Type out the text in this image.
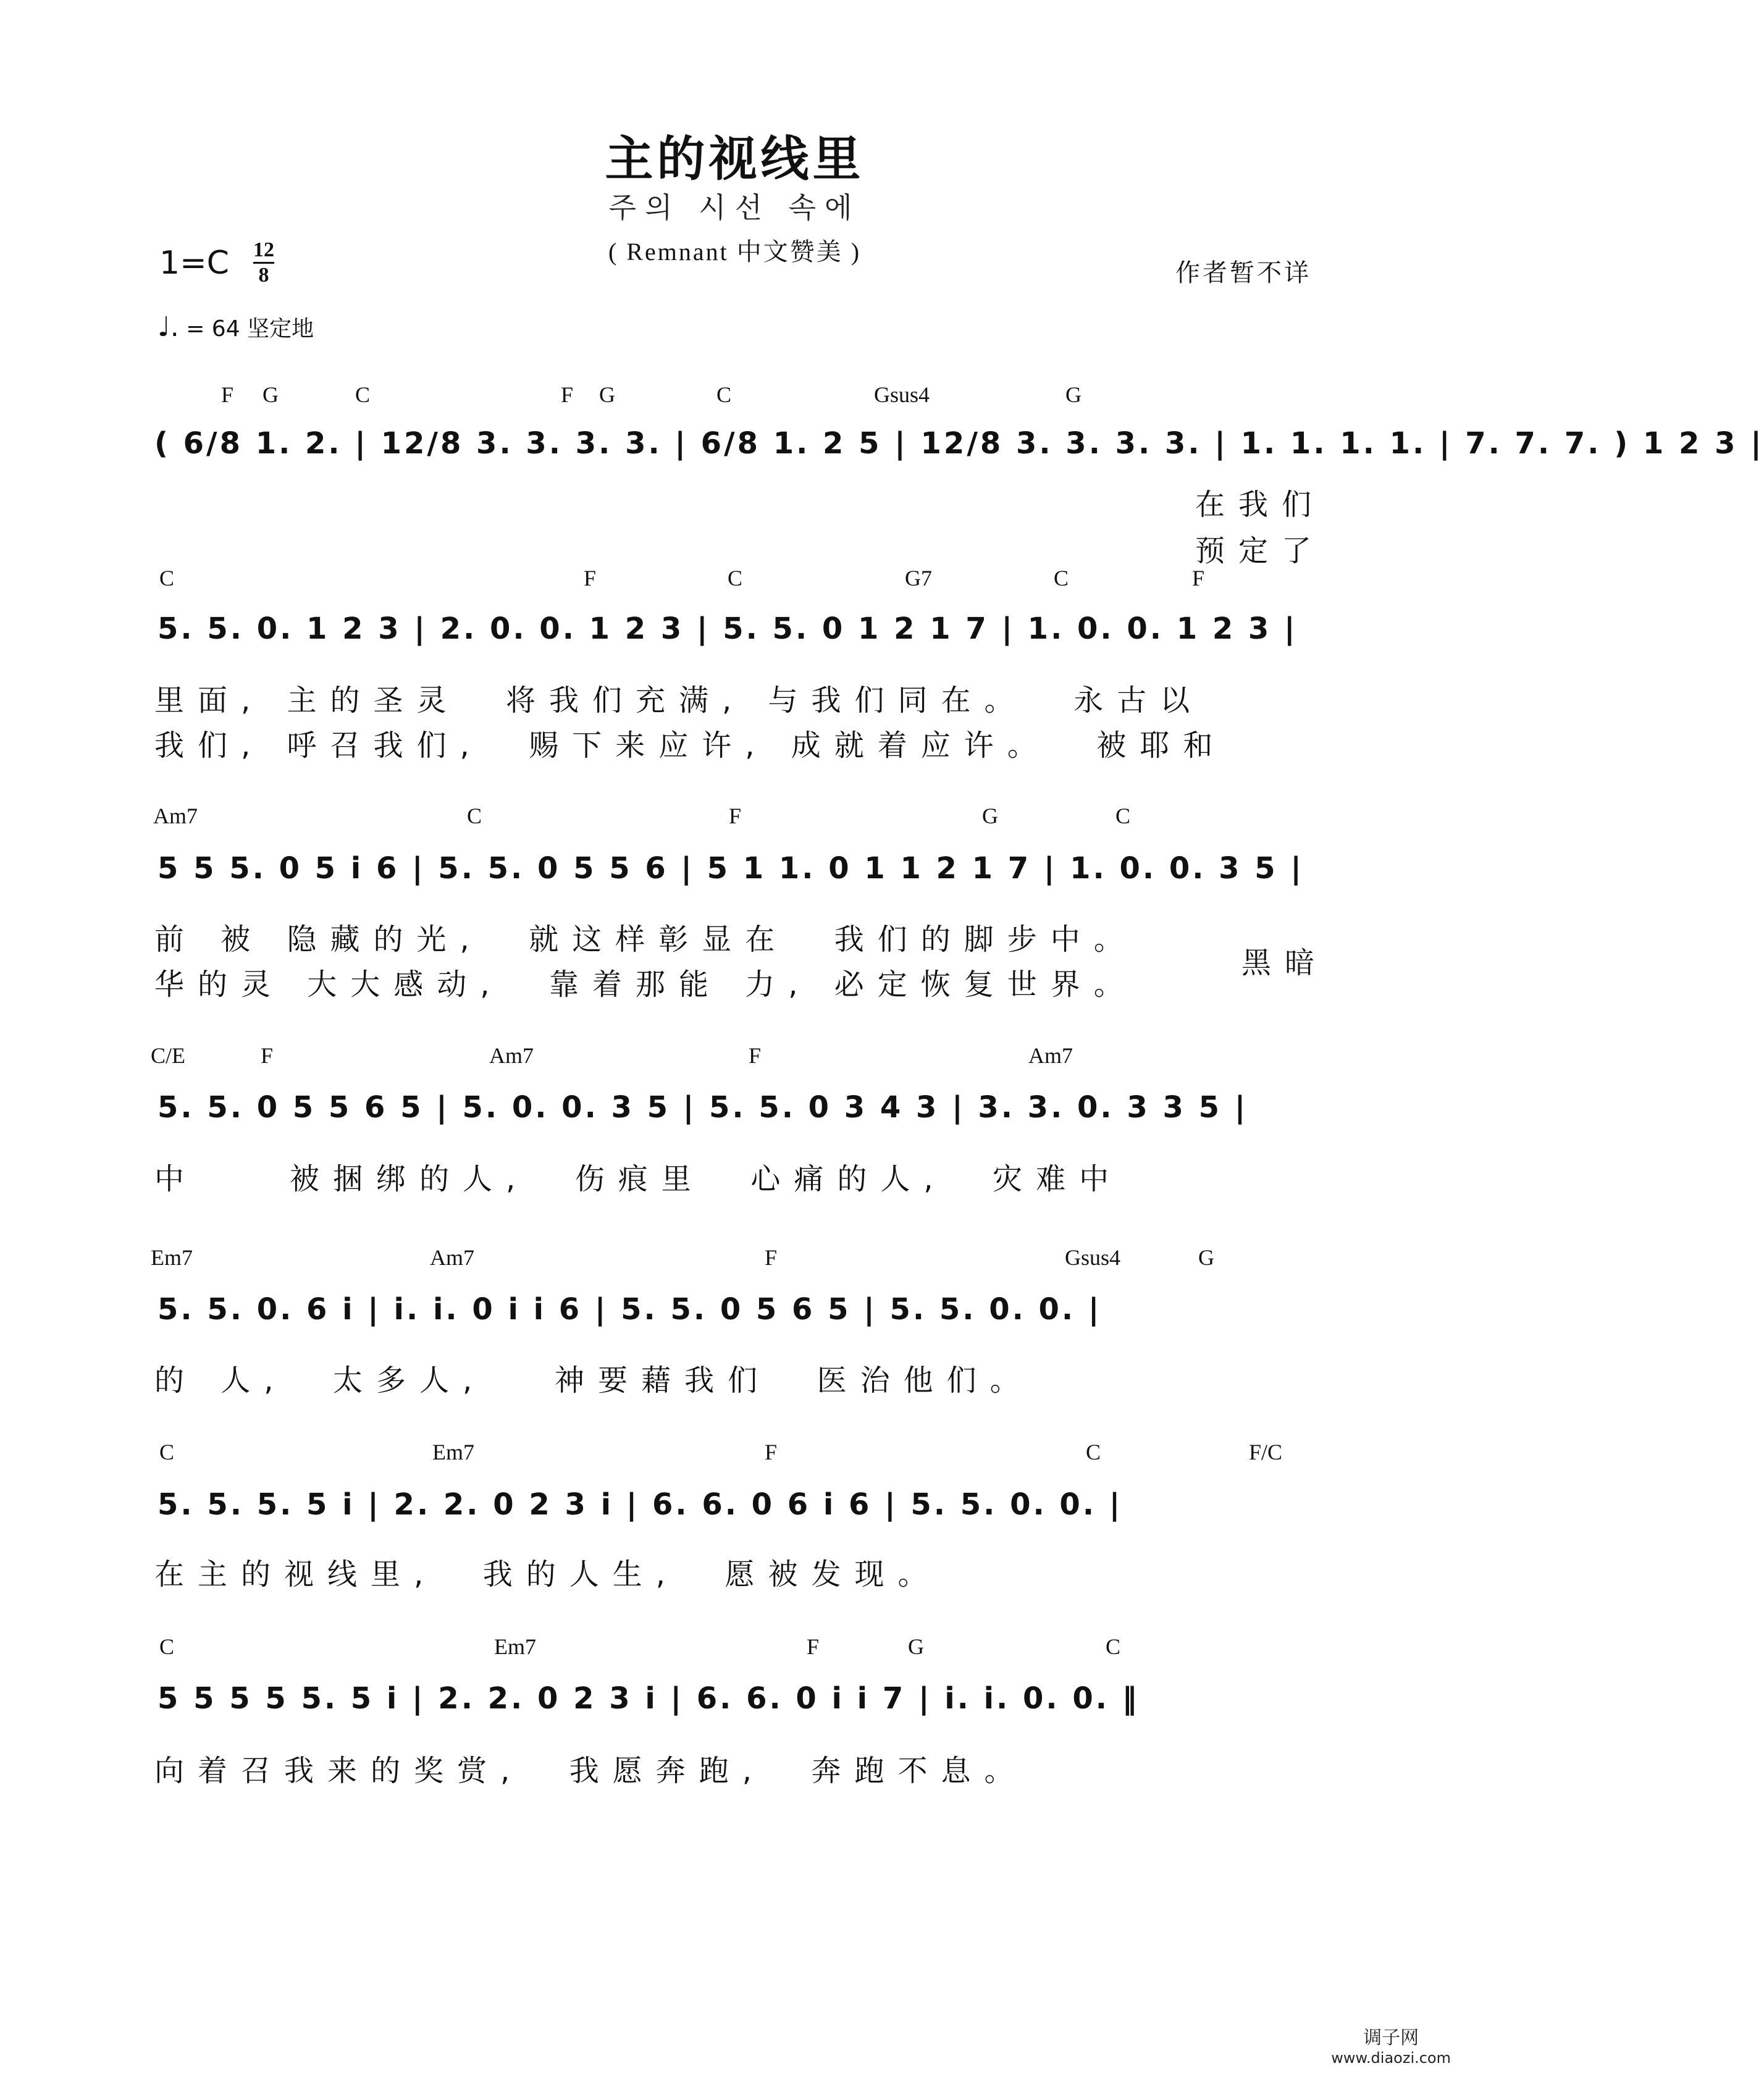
主的视线里
주의 시선 속에
( Remnant 中文赞美 )
1=C 12
8	作者暂不详
♩. = 64 坚定地
F G	C	F G	C	Gsus4	G
( 6/8 1. 2. | 12/8 3. 3. 3. 3. | 6/8 1. 2 5 | 12/8 3. 3. 3. 3. | 1. 1. 1. 1. | 7. 7. 7. ) 1 2 3 |
在我们
预定了
C	F	C	G7	C	F
5. 5. 0. 1 2 3 | 2. 0. 0. 1 2 3 | 5. 5. 0 1 2 1 7 | 1. 0. 0. 1 2 3 |
里面, 主的圣灵  将我们充满, 与我们同在。  永古以
我们, 呼召我们,  赐下来应许, 成就着应许。  被耶和
Am7	C	F	G	C
5 5 5. 0 5 i 6 | 5. 5. 0 5 5 6 | 5 1 1. 0 1 1 2 1 7 | 1. 0. 0. 3 5 |
前 被 隐藏的光,  就这样彰显在  我们的脚步中。
华的灵 大大感动,  靠着那能 力, 必定恢复世界。
黑暗
C/E	F	Am7	F	Am7
5. 5. 0 5 5 6 5 | 5. 0. 0. 3 5 | 5. 5. 0 3 4 3 | 3. 3. 0. 3 3 5 |
中    被捆绑的人,  伤痕里  心痛的人,  灾难中
Em7	Am7	F	Gsus4	G
5. 5. 0. 6 i | i. i. 0 i i 6 | 5. 5. 0 5 6 5 | 5. 5. 0. 0. |
的 人,  太多人,   神要藉我们  医治他们。
C	Em7	F	C	F/C
5. 5. 5. 5 i | 2. 2. 0 2 3 i | 6. 6. 0 6 i 6 | 5. 5. 0. 0. |
在主的视线里,  我的人生,  愿被发现。
C	Em7	F	G	C
5 5 5 5 5. 5 i | 2. 2. 0 2 3 i | 6. 6. 0 i i 7 | i. i. 0. 0. ‖
向着召我来的奖赏,  我愿奔跑,  奔跑不息。
调子网
www.diaozi.com
